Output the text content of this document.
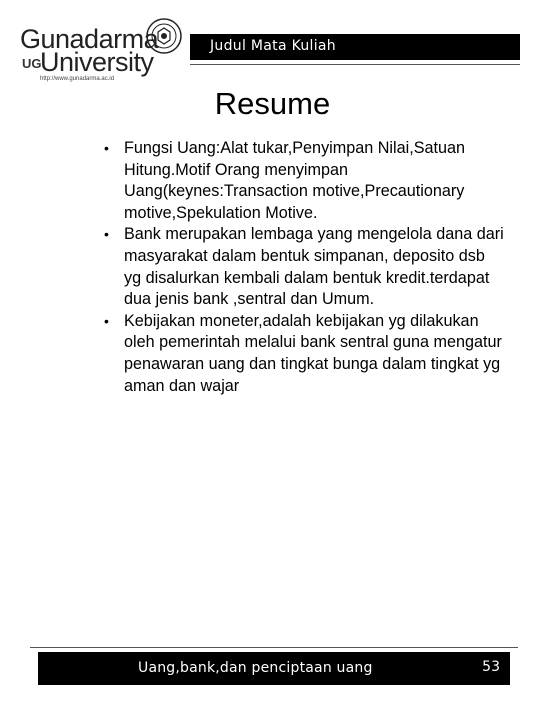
Gunadarma
UG
University
http://www.gunadarma.ac.id
Judul Mata Kuliah
Resume
• Fungsi Uang:Alat tukar,Penyimpan Nilai,Satuan Hitung.Motif Orang menyimpan Uang(keynes:Transaction motive,Precautionary motive,Spekulation Motive.
• Bank merupakan lembaga yang mengelola dana dari masyarakat dalam bentuk simpanan, deposito dsb yg disalurkan kembali dalam bentuk kredit.terdapat dua jenis bank ,sentral dan Umum.
• Kebijakan moneter,adalah kebijakan yg dilakukan oleh pemerintah melalui bank sentral guna mengatur penawaran uang dan tingkat bunga dalam tingkat yg aman dan wajar
Uang,bank,dan penciptaan uang	53
